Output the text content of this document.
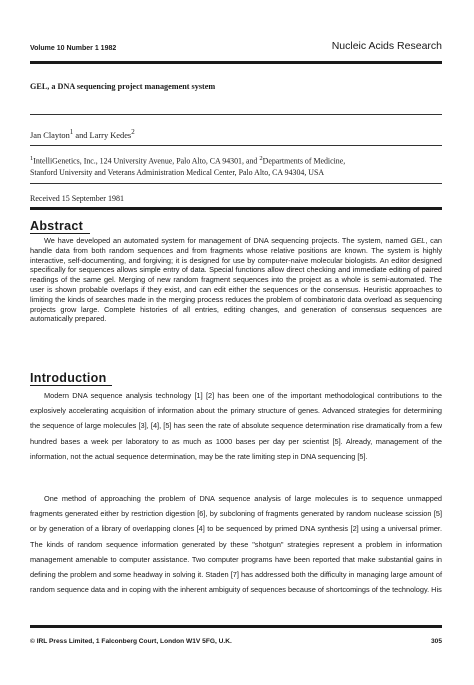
Volume 10 Number 1 1982	Nucleic Acids Research
GEL, a DNA sequencing project management system
Jan Clayton$^1$ and Larry Kedes$^2$
$^1$IntelliGenetics, Inc., 124 University Avenue, Palo Alto, CA 94301, and $^2$Departments of Medicine,
Stanford University and Veterans Administration Medical Center, Palo Alto, CA 94304, USA
Received 15 September 1981
Abstract

We have developed an automated system for management of DNA sequencing projects. The system, named GEL, can handle data from both random sequences and from fragments whose relative positions are known. The system is highly interactive, self-documenting, and forgiving; it is designed for use by computer-naive molecular biologists. An editor designed specifically for sequences allows simple entry of data. Special functions allow direct checking and immediate editing of paired readings of the same gel. Merging of new random fragment sequences into the project as a whole is semi-automated. The user is shown probable overlaps if they exist, and can edit either the sequences or the consensus. Heuristic approaches to limiting the kinds of searches made in the merging process reduces the problem of combinatoric data overload as sequencing projects grow large. Complete histories of all entries, editing changes, and generation of consensus sequences are automatically prepared.

Introduction

Modern DNA sequence analysis technology [1] [2] has been one of the important methodological contributions to the explosively accelerating acquisition of information about the primary structure of genes. Advanced strategies for determining the sequence of large molecules [3], [4], [5] has seen the rate of absolute sequence determination rise dramatically from a few hundred bases a week per laboratory to as much as 1000 bases per day per scientist [5]. Already, management of the information, not the actual sequence determination, may be the rate limiting step in DNA sequencing [5].

One method of approaching the problem of DNA sequence analysis of large molecules is to sequence unmapped fragments generated either by restriction digestion [6], by subcloning of fragments generated by random nuclease scission [5] or by generation of a library of overlapping clones [4] to be sequenced by primed DNA synthesis [2] using a universal primer. The kinds of random sequence information generated by these "shotgun" strategies represent a problem in information management amenable to computer assistance. Two computer programs have been reported that make substantial gains in defining the problem and some headway in solving it. Staden [7] has addressed both the difficulty in managing large amount of random sequence data and in coping with the inherent ambiguity of sequences because of shortcomings of the technology. His

© IRL Press Limited, 1 Falconberg Court, London W1V 5FG, U.K.	305
